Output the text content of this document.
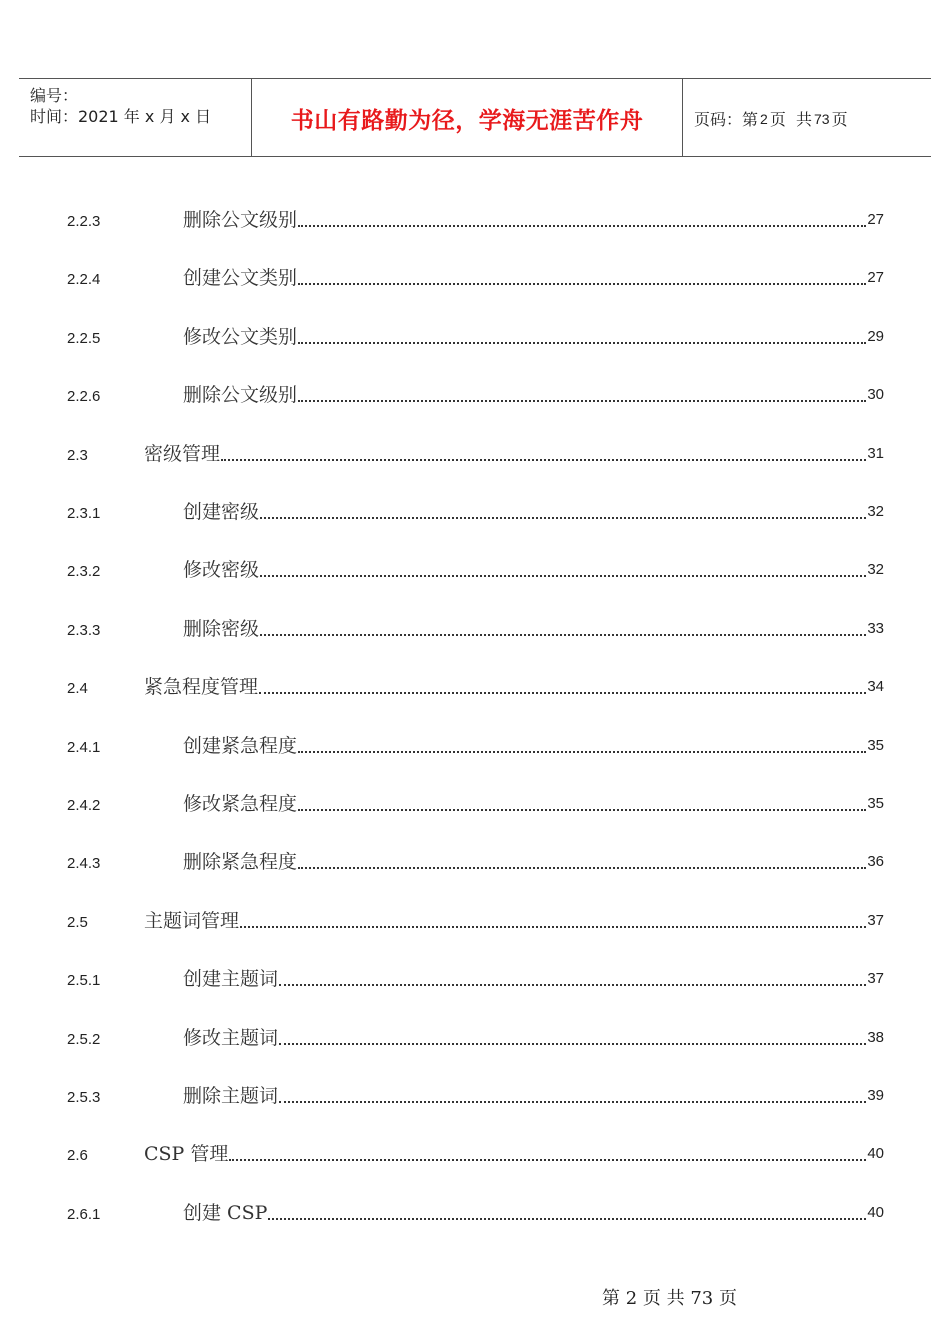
编号：
时间：2021 年 x 月 x 日	书山有路勤为径，学海无涯苦作舟	页码：第 2 页  共 73 页
2.2.3	删除公文级别	27
2.2.4	创建公文类别	27
2.2.5	修改公文类别	29
2.2.6	删除公文级别	30
2.3	密级管理	31
2.3.1	创建密级	32
2.3.2	修改密级	32
2.3.3	删除密级	33
2.4	紧急程度管理	34
2.4.1	创建紧急程度	35
2.4.2	修改紧急程度	35
2.4.3	删除紧急程度	36
2.5	主题词管理	37
2.5.1	创建主题词	37
2.5.2	修改主题词	38
2.5.3	删除主题词	39
2.6	CSP 管理	40
2.6.1	创建 CSP	40
第 2 页 共 73 页
